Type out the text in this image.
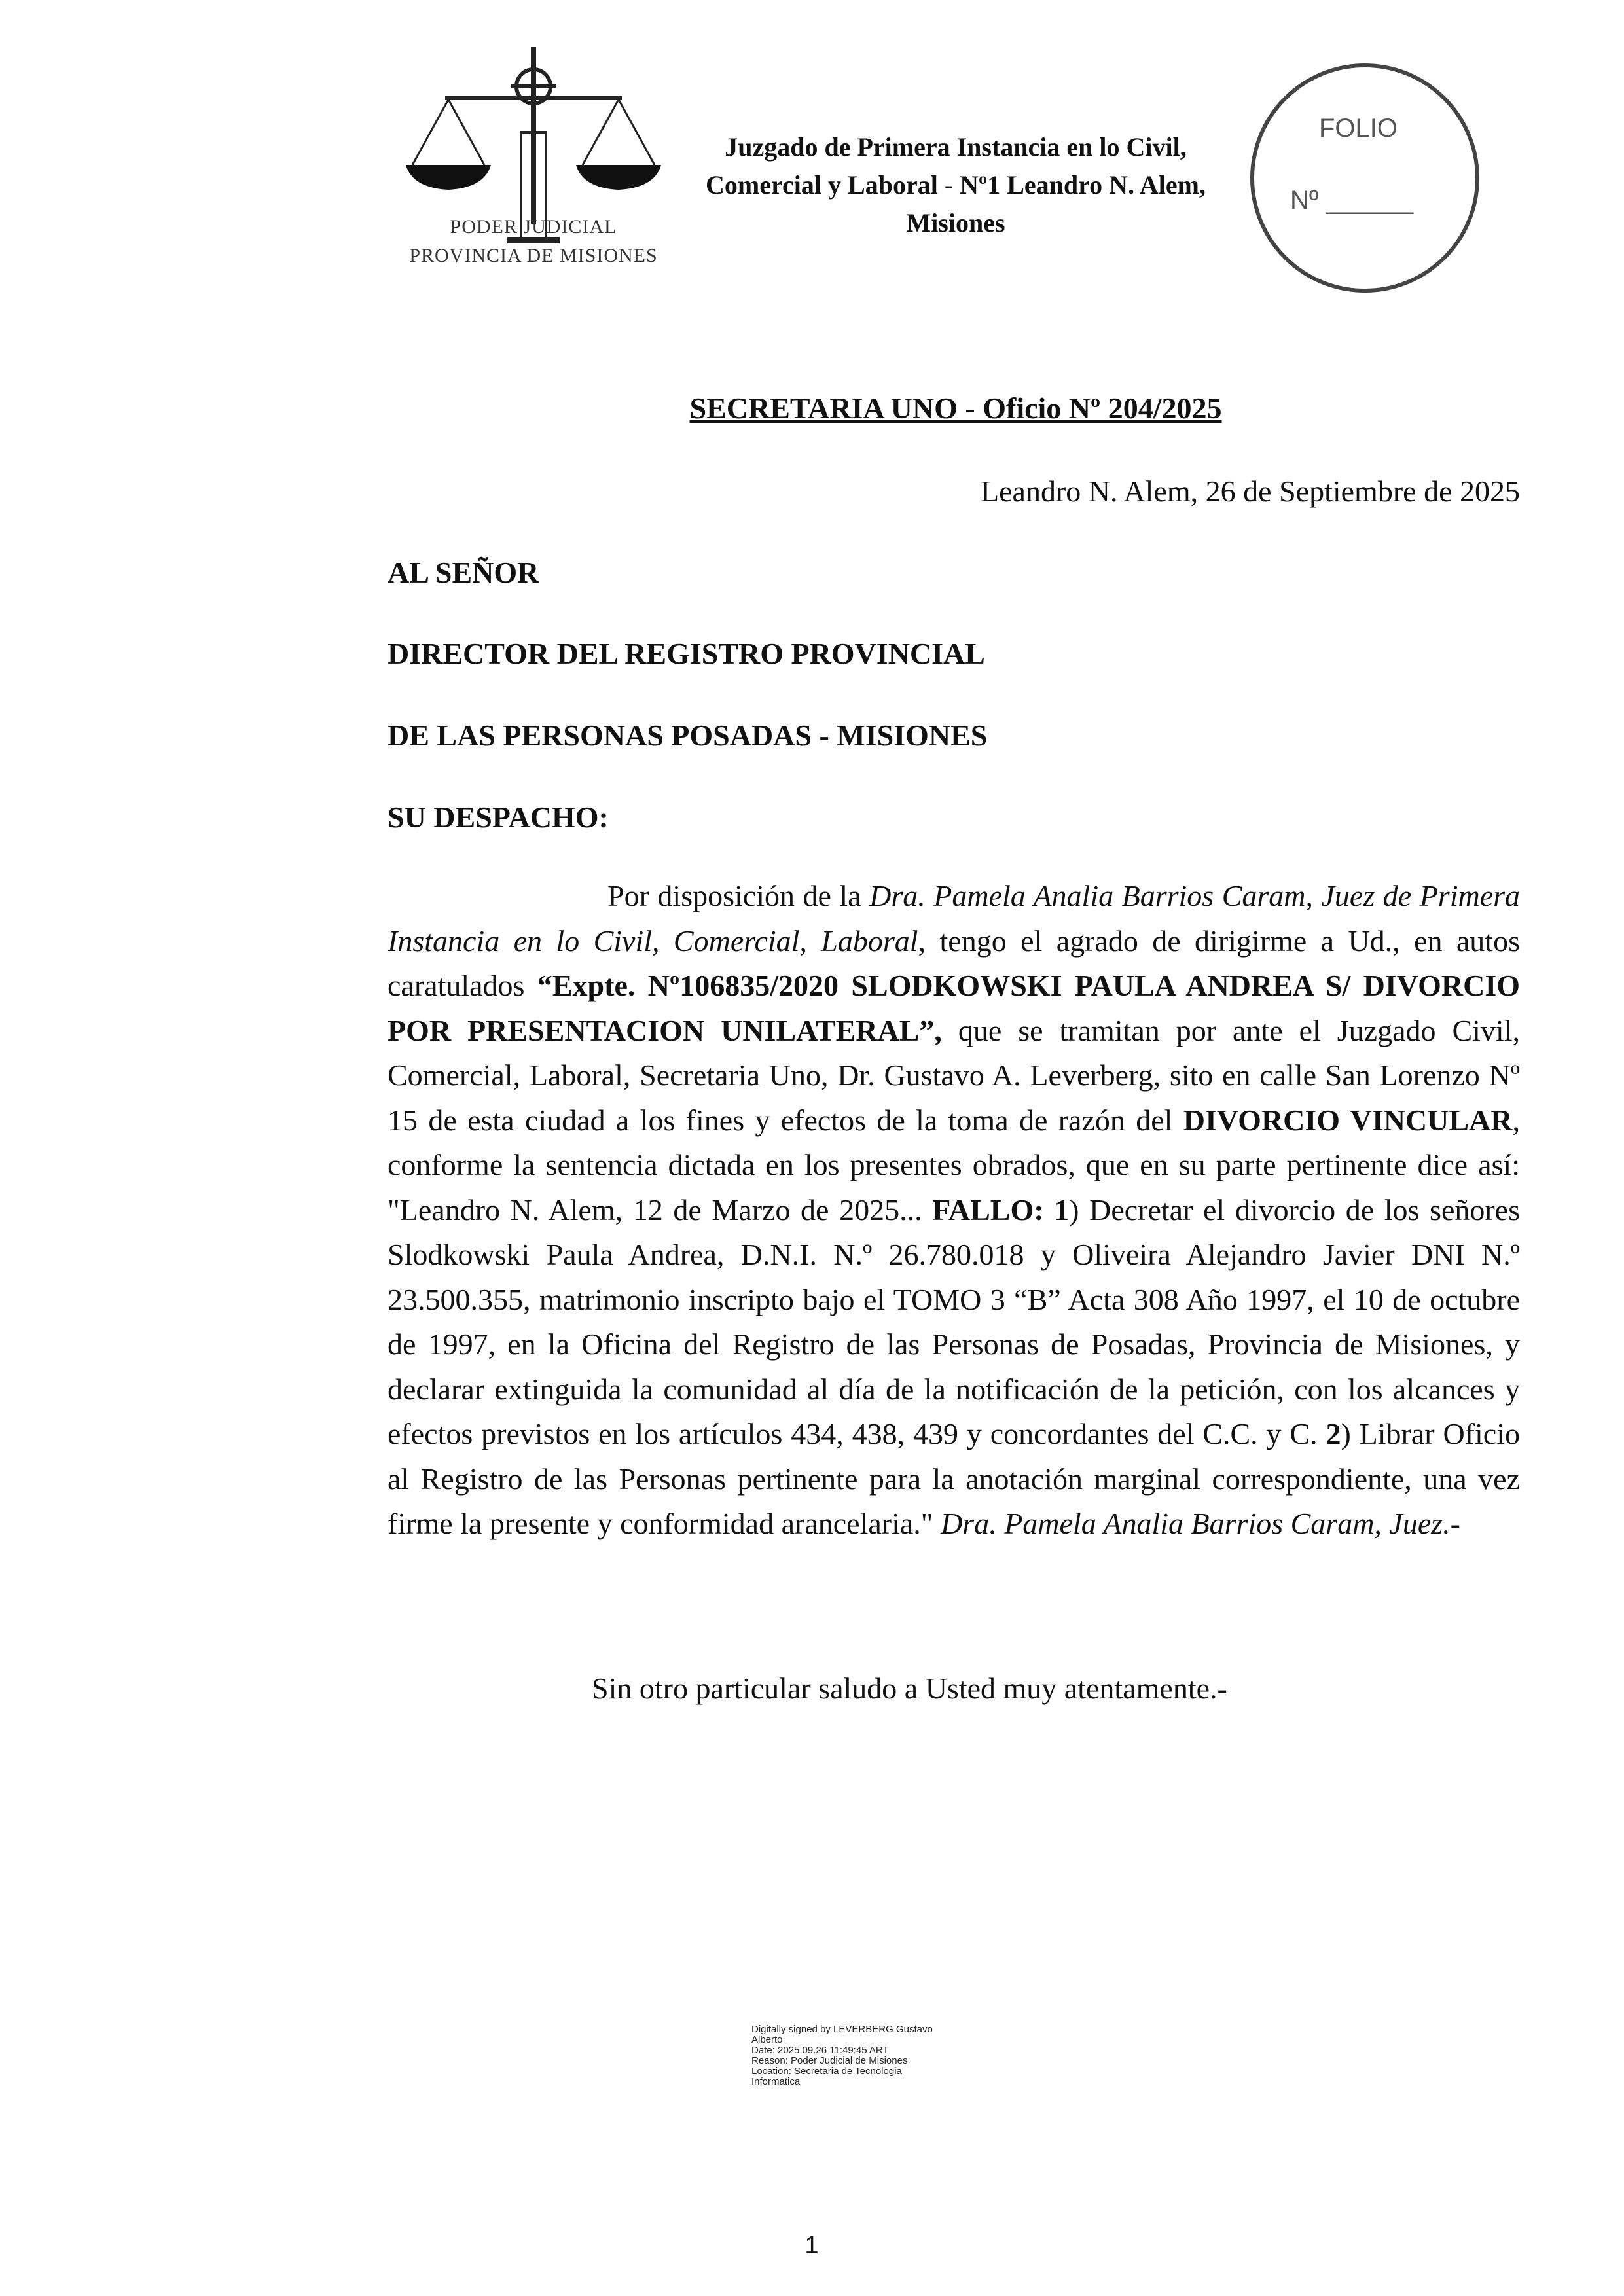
PODER JUDICIAL
PROVINCIA DE MISIONES
Juzgado de Primera Instancia en lo Civil,
Comercial y Laboral - Nº1 Leandro N. Alem,
Misiones
FOLIO
Nº ______
SECRETARIA UNO - Oficio Nº 204/2025
Leandro N. Alem, 26 de Septiembre de 2025
AL SEÑOR
DIRECTOR DEL REGISTRO PROVINCIAL
DE LAS PERSONAS POSADAS - MISIONES
SU DESPACHO:

Por disposición de la Dra. Pamela Analia Barrios Caram, Juez de Primera Instancia en lo Civil, Comercial, Laboral, tengo el agrado de dirigirme a Ud., en autos caratulados “Expte. Nº106835/2020 SLODKOWSKI PAULA ANDREA S/ DIVORCIO POR PRESENTACION UNILATERAL”, que se tramitan por ante el Juzgado Civil, Comercial, Laboral, Secretaria Uno, Dr. Gustavo A. Leverberg, sito en calle San Lorenzo Nº 15 de esta ciudad a los fines y efectos de la toma de razón del DIVORCIO VINCULAR, conforme la sentencia dictada en los presentes obrados, que en su parte pertinente dice así: "Leandro N. Alem, 12 de Marzo de 2025... FALLO: 1) Decretar el divorcio de los señores Slodkowski Paula Andrea, D.N.I. N.º 26.780.018 y Oliveira Alejandro Javier DNI N.º 23.500.355, matrimonio inscripto bajo el TOMO 3 “B” Acta 308 Año 1997, el 10 de octubre de 1997, en la Oficina del Registro de las Personas de Posadas, Provincia de Misiones, y declarar extinguida la comunidad al día de la notificación de la petición, con los alcances y efectos previstos en los artículos 434, 438, 439 y concordantes del C.C. y C. 2) Librar Oficio al Registro de las Personas pertinente para la anotación marginal correspondiente, una vez firme la presente y conformidad arancelaria." Dra. Pamela Analia Barrios Caram, Juez.-

Sin otro particular saludo a Usted muy atentamente.-
Digitally signed by LEVERBERG Gustavo
Alberto
Date: 2025.09.26 11:49:45 ART
Reason: Poder Judicial de Misiones
Location: Secretaria de Tecnologia
Informatica
1
